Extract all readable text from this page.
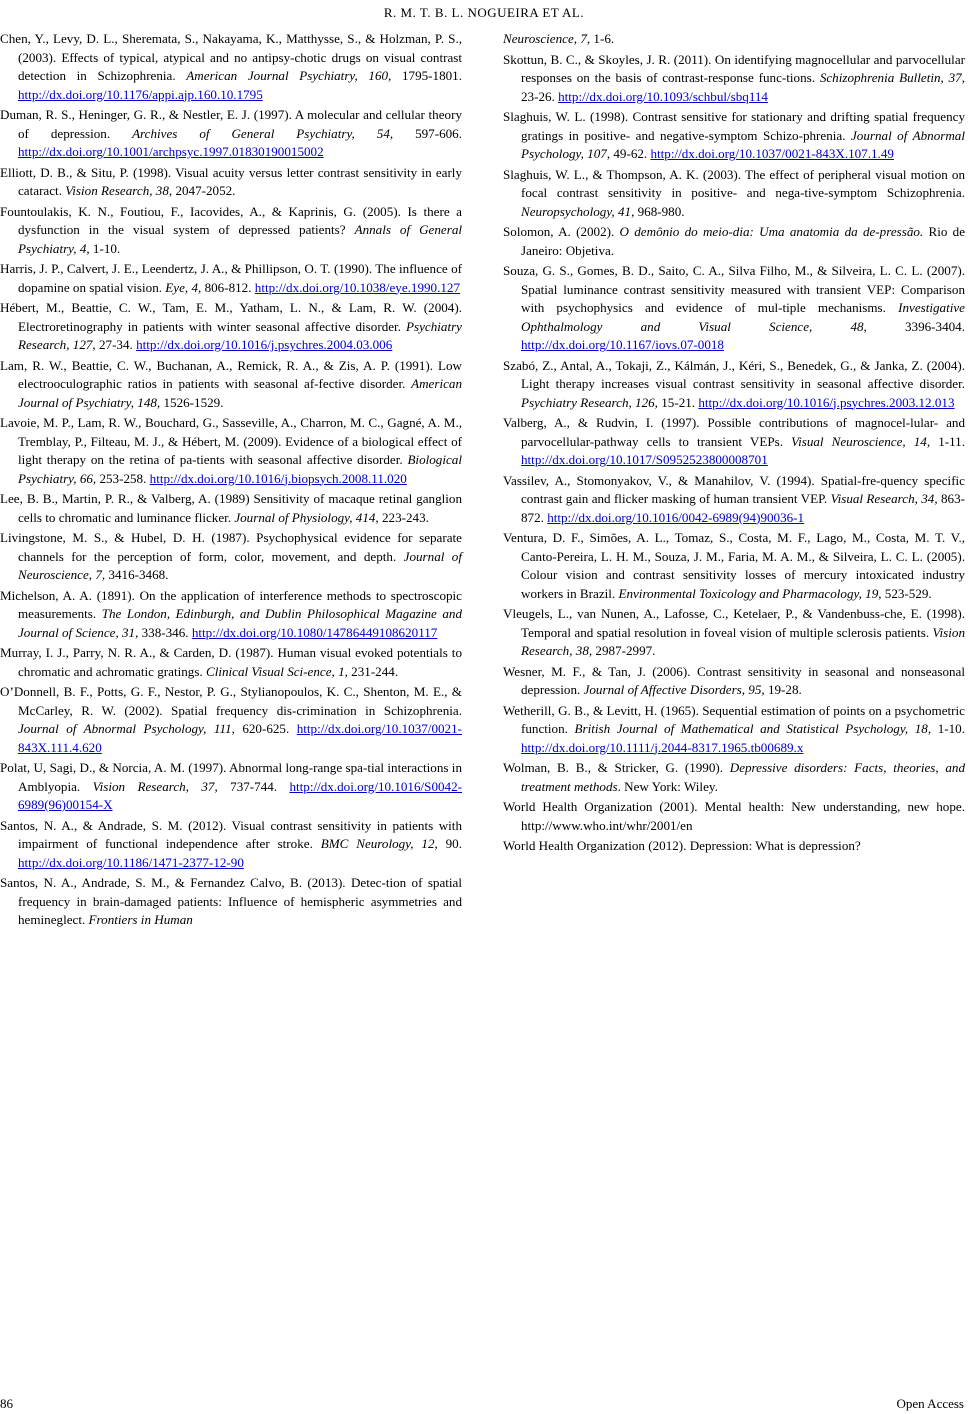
R. M. T. B. L. NOGUEIRA ET AL.
Chen, Y., Levy, D. L., Sheremata, S., Nakayama, K., Matthysse, S., & Holzman, P. S., (2003). Effects of typical, atypical and no antipsy-chotic drugs on visual contrast detection in Schizophrenia. American Journal Psychiatry, 160, 1795-1801. http://dx.doi.org/10.1176/appi.ajp.160.10.1795
Duman, R. S., Heninger, G. R., & Nestler, E. J. (1997). A molecular and cellular theory of depression. Archives of General Psychiatry, 54, 597-606. http://dx.doi.org/10.1001/archpsyc.1997.01830190015002
Elliott, D. B., & Situ, P. (1998). Visual acuity versus letter contrast sensitivity in early cataract. Vision Research, 38, 2047-2052.
Fountoulakis, K. N., Foutiou, F., Iacovides, A., & Kaprinis, G. (2005). Is there a dysfunction in the visual system of depressed patients? Annals of General Psychiatry, 4, 1-10.
Harris, J. P., Calvert, J. E., Leendertz, J. A., & Phillipson, O. T. (1990). The influence of dopamine on spatial vision. Eye, 4, 806-812. http://dx.doi.org/10.1038/eye.1990.127
Hébert, M., Beattie, C. W., Tam, E. M., Yatham, L. N., & Lam, R. W. (2004). Electroretinography in patients with winter seasonal affective disorder. Psychiatry Research, 127, 27-34. http://dx.doi.org/10.1016/j.psychres.2004.03.006
Lam, R. W., Beattie, C. W., Buchanan, A., Remick, R. A., & Zis, A. P. (1991). Low electrooculographic ratios in patients with seasonal af-fective disorder. American Journal of Psychiatry, 148, 1526-1529.
Lavoie, M. P., Lam, R. W., Bouchard, G., Sasseville, A., Charron, M. C., Gagné, A. M., Tremblay, P., Filteau, M. J., & Hébert, M. (2009). Evidence of a biological effect of light therapy on the retina of pa-tients with seasonal affective disorder. Biological Psychiatry, 66, 253-258. http://dx.doi.org/10.1016/j.biopsych.2008.11.020
Lee, B. B., Martin, P. R., & Valberg, A. (1989) Sensitivity of macaque retinal ganglion cells to chromatic and luminance flicker. Journal of Physiology, 414, 223-243.
Livingstone, M. S., & Hubel, D. H. (1987). Psychophysical evidence for separate channels for the perception of form, color, movement, and depth. Journal of Neuroscience, 7, 3416-3468.
Michelson, A. A. (1891). On the application of interference methods to spectroscopic measurements. The London, Edinburgh, and Dublin Philosophical Magazine and Journal of Science, 31, 338-346. http://dx.doi.org/10.1080/14786449108620117
Murray, I. J., Parry, N. R. A., & Carden, D. (1987). Human visual evoked potentials to chromatic and achromatic gratings. Clinical Visual Sci-ence, 1, 231-244.
O’Donnell, B. F., Potts, G. F., Nestor, P. G., Stylianopoulos, K. C., Shenton, M. E., & McCarley, R. W. (2002). Spatial frequency dis-crimination in Schizophrenia. Journal of Abnormal Psychology, 111, 620-625. http://dx.doi.org/10.1037/0021-843X.111.4.620
Polat, U, Sagi, D., & Norcia, A. M. (1997). Abnormal long-range spa-tial interactions in Amblyopia. Vision Research, 37, 737-744. http://dx.doi.org/10.1016/S0042-6989(96)00154-X
Santos, N. A., & Andrade, S. M. (2012). Visual contrast sensitivity in patients with impairment of functional independence after stroke. BMC Neurology, 12, 90. http://dx.doi.org/10.1186/1471-2377-12-90
Santos, N. A., Andrade, S. M., & Fernandez Calvo, B. (2013). Detec-tion of spatial frequency in brain-damaged patients: Influence of hemispheric asymmetries and hemineglect. Frontiers in Human
Neuroscience, 7, 1-6.
Skottun, B. C., & Skoyles, J. R. (2011). On identifying magnocellular and parvocellular responses on the basis of contrast-response func-tions. Schizophrenia Bulletin, 37, 23-26. http://dx.doi.org/10.1093/schbul/sbq114
Slaghuis, W. L. (1998). Contrast sensitive for stationary and drifting spatial frequency gratings in positive- and negative-symptom Schizo-phrenia. Journal of Abnormal Psychology, 107, 49-62. http://dx.doi.org/10.1037/0021-843X.107.1.49
Slaghuis, W. L., & Thompson, A. K. (2003). The effect of peripheral visual motion on focal contrast sensitivity in positive- and nega-tive-symptom Schizophrenia. Neuropsychology, 41, 968-980.
Solomon, A. (2002). O demônio do meio-dia: Uma anatomia da de-pressão. Rio de Janeiro: Objetiva.
Souza, G. S., Gomes, B. D., Saito, C. A., Silva Filho, M., & Silveira, L. C. L. (2007). Spatial luminance contrast sensitivity measured with transient VEP: Comparison with psychophysics and evidence of mul-tiple mechanisms. Investigative Ophthalmology and Visual Science, 48, 3396-3404. http://dx.doi.org/10.1167/iovs.07-0018
Szabó, Z., Antal, A., Tokaji, Z., Kálmán, J., Kéri, S., Benedek, G., & Janka, Z. (2004). Light therapy increases visual contrast sensitivity in seasonal affective disorder. Psychiatry Research, 126, 15-21. http://dx.doi.org/10.1016/j.psychres.2003.12.013
Valberg, A., & Rudvin, I. (1997). Possible contributions of magnocel-lular- and parvocellular-pathway cells to transient VEPs. Visual Neuroscience, 14, 1-11. http://dx.doi.org/10.1017/S0952523800008701
Vassilev, A., Stomonyakov, V., & Manahilov, V. (1994). Spatial-fre-quency specific contrast gain and flicker masking of human transient VEP. Visual Research, 34, 863-872. http://dx.doi.org/10.1016/0042-6989(94)90036-1
Ventura, D. F., Simões, A. L., Tomaz, S., Costa, M. F., Lago, M., Costa, M. T. V., Canto-Pereira, L. H. M., Souza, J. M., Faria, M. A. M., & Silveira, L. C. L. (2005). Colour vision and contrast sensitivity losses of mercury intoxicated industry workers in Brazil. Environmental Toxicology and Pharmacology, 19, 523-529.
Vleugels, L., van Nunen, A., Lafosse, C., Ketelaer, P., & Vandenbuss-che, E. (1998). Temporal and spatial resolution in foveal vision of multiple sclerosis patients. Vision Research, 38, 2987-2997.
Wesner, M. F., & Tan, J. (2006). Contrast sensitivity in seasonal and nonseasonal depression. Journal of Affective Disorders, 95, 19-28.
Wetherill, G. B., & Levitt, H. (1965). Sequential estimation of points on a psychometric function. British Journal of Mathematical and Statistical Psychology, 18, 1-10. http://dx.doi.org/10.1111/j.2044-8317.1965.tb00689.x
Wolman, B. B., & Stricker, G. (1990). Depressive disorders: Facts, theories, and treatment methods. New York: Wiley.
World Health Organization (2001). Mental health: New understanding, new hope. http://www.who.int/whr/2001/en
World Health Organization (2012). Depression: What is depression?
86	Open Access
